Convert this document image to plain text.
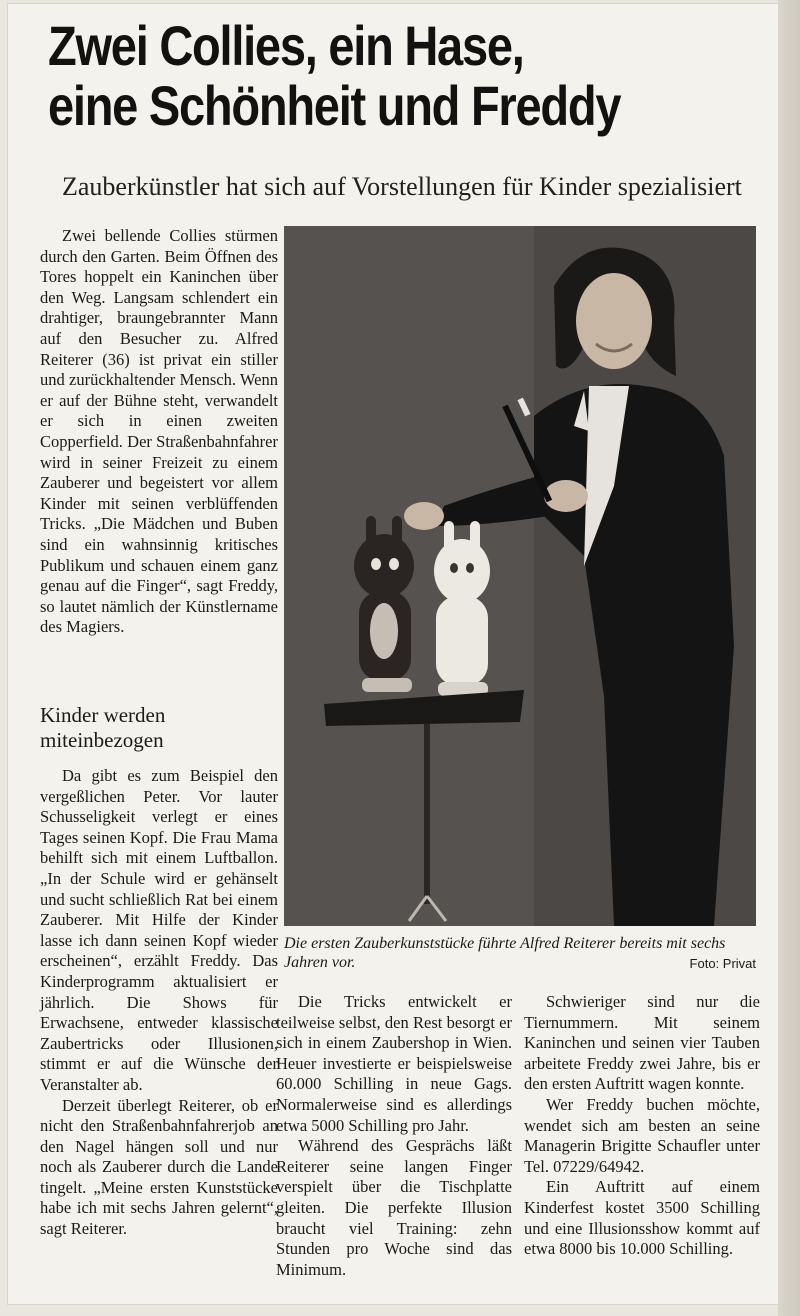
Zwei Collies, ein Hase,
eine Schönheit und Freddy
Zauberkünstler hat sich auf Vorstellungen für Kinder spezialisiert

Zwei bellende Collies stürmen durch den Garten. Beim Öffnen des Tores hoppelt ein Kaninchen über den Weg. Langsam schlendert ein drahtiger, braungebrannter Mann auf den Besucher zu. Alfred Reiterer (36) ist privat ein stiller und zurückhaltender Mensch. Wenn er auf der Bühne steht, verwandelt er sich in einen zweiten Copperfield. Der Straßenbahnfahrer wird in seiner Freizeit zu einem Zauberer und begeistert vor allem Kinder mit seinen verblüffenden Tricks. „Die Mädchen und Buben sind ein wahnsinnig kritisches Publikum und schauen einem ganz genau auf die Finger“, sagt Freddy, so lautet nämlich der Künstlername des Magiers.

Kinder werden miteinbezogen

Da gibt es zum Beispiel den vergeßlichen Peter. Vor lauter Schusseligkeit verlegt er eines Tages seinen Kopf. Die Frau Mama behilft sich mit einem Luftballon. „In der Schule wird er gehänselt und sucht schließlich Rat bei einem Zauberer. Mit Hilfe der Kinder lasse ich dann seinen Kopf wieder erscheinen“, erzählt Freddy. Das Kinderprogramm aktualisiert er jährlich. Die Shows für Erwachsene, entweder klassische Zaubertricks oder Illusionen, stimmt er auf die Wünsche der Veranstalter ab.

Derzeit überlegt Reiterer, ob er nicht den Straßenbahnfahrerjob an den Nagel hängen soll und nur noch als Zauberer durch die Lande tingelt. „Meine ersten Kunststücke habe ich mit sechs Jahren gelernt“, sagt Reiterer.

Die ersten Zauberkunststücke führte Alfred Reiterer bereits mit sechs Jahren vor.	Foto: Privat

Die Tricks entwickelt er teilweise selbst, den Rest besorgt er sich in einem Zaubershop in Wien. Heuer investierte er beispielsweise 60.000 Schilling in neue Gags. Normalerweise sind es allerdings etwa 5000 Schilling pro Jahr.

Während des Gesprächs läßt Reiterer seine langen Finger verspielt über die Tischplatte gleiten. Die perfekte Illusion braucht viel Training: zehn Stunden pro Woche sind das Minimum.

Schwieriger sind nur die Tiernummern. Mit seinem Kaninchen und seinen vier Tauben arbeitete Freddy zwei Jahre, bis er den ersten Auftritt wagen konnte.

Wer Freddy buchen möchte, wendet sich am besten an seine Managerin Brigitte Schaufler unter Tel. 07229/64942.

Ein Auftritt auf einem Kinderfest kostet 3500 Schilling und eine Illusionsshow kommt auf etwa 8000 bis 10.000 Schilling.
